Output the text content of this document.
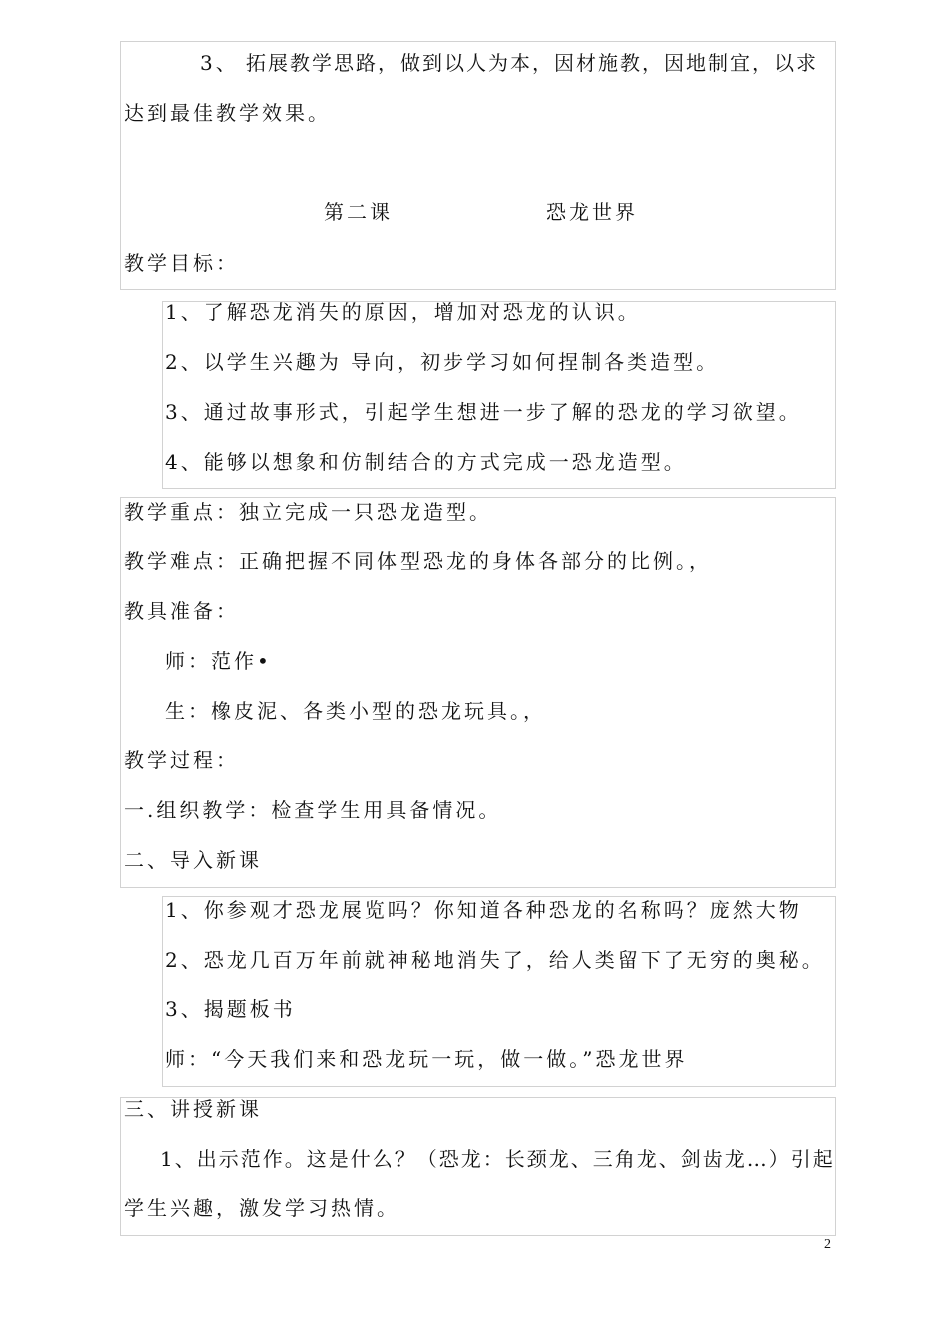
3、 拓展教学思路，做到以人为本，因材施教，因地制宜，以求
达到最佳教学效果。
第二课	恐龙世界
教学目标：
1、了解恐龙消失的原因，增加对恐龙的认识。
2、以学生兴趣为 导向，初步学习如何捏制各类造型。
3、通过故事形式，引起学生想进一步了解的恐龙的学习欲望。
4、能够以想象和仿制结合的方式完成一恐龙造型。
教学重点：独立完成一只恐龙造型。
教学难点：正确把握不同体型恐龙的身体各部分的比例。，
教具准备：
师：范作•
生：橡皮泥、各类小型的恐龙玩具。，
教学过程：
一.组织教学：检查学生用具备情况。
二、导入新课
1、你参观才恐龙展览吗？你知道各种恐龙的名称吗？庞然大物
2、恐龙几百万年前就神秘地消失了，给人类留下了无穷的奥秘。
3、揭题板书
师：“今天我们来和恐龙玩一玩，做一做。”恐龙世界
三、讲授新课
1、出示范作。这是什么？（恐龙：长颈龙、三角龙、剑齿龙…）引起
学生兴趣，激发学习热情。
2
